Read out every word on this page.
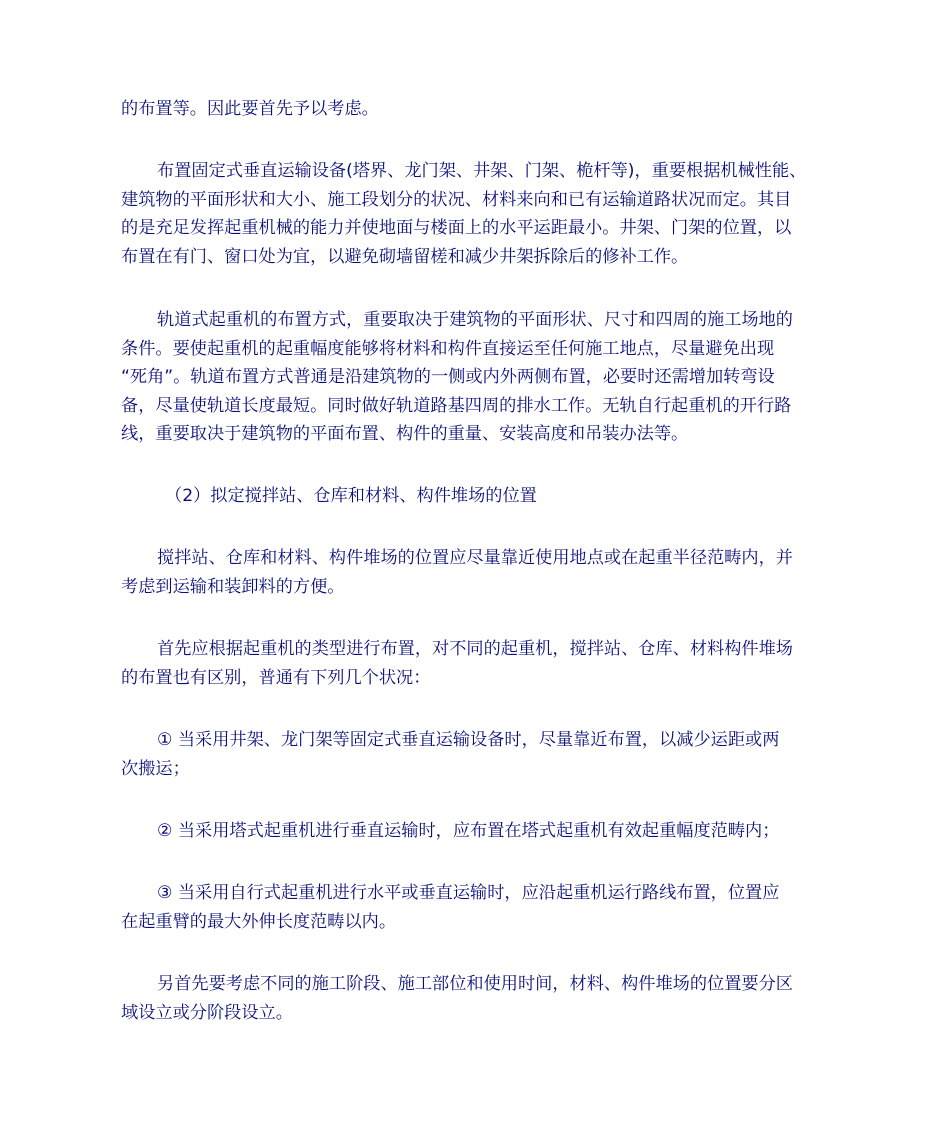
的布置等。因此要首先予以考虑。
布置固定式垂直运输设备(塔界、龙门架、井架、门架、桅杆等)，重要根据机械性能、
建筑物的平面形状和大小、施工段划分的状况、材料来向和已有运输道路状况而定。其目
的是充足发挥起重机械的能力并使地面与楼面上的水平运距最小。井架、门架的位置，以
布置在有门、窗口处为宜，以避免砌墙留槎和减少井架拆除后的修补工作。
轨道式起重机的布置方式，重要取决于建筑物的平面形状、尺寸和四周的施工场地的
条件。要使起重机的起重幅度能够将材料和构件直接运至任何施工地点，尽量避免出现
“死角”。轨道布置方式普通是沿建筑物的一侧或内外两侧布置，必要时还需增加转弯设
备，尽量使轨道长度最短。同时做好轨道路基四周的排水工作。无轨自行起重机的开行路
线，重要取决于建筑物的平面布置、构件的重量、安装高度和吊装办法等。
（2）拟定搅拌站、仓库和材料、构件堆场的位置
搅拌站、仓库和材料、构件堆场的位置应尽量靠近使用地点或在起重半径范畴内，并
考虑到运输和装卸料的方便。
首先应根据起重机的类型进行布置，对不同的起重机，搅拌站、仓库、材料构件堆场
的布置也有区别，普通有下列几个状况：
① 当采用井架、龙门架等固定式垂直运输设备时，尽量靠近布置，以减少运距或两
次搬运；
② 当采用塔式起重机进行垂直运输时，应布置在塔式起重机有效起重幅度范畴内；
③ 当采用自行式起重机进行水平或垂直运输时，应沿起重机运行路线布置，位置应
在起重臂的最大外伸长度范畴以内。
另首先要考虑不同的施工阶段、施工部位和使用时间，材料、构件堆场的位置要分区
域设立或分阶段设立。
